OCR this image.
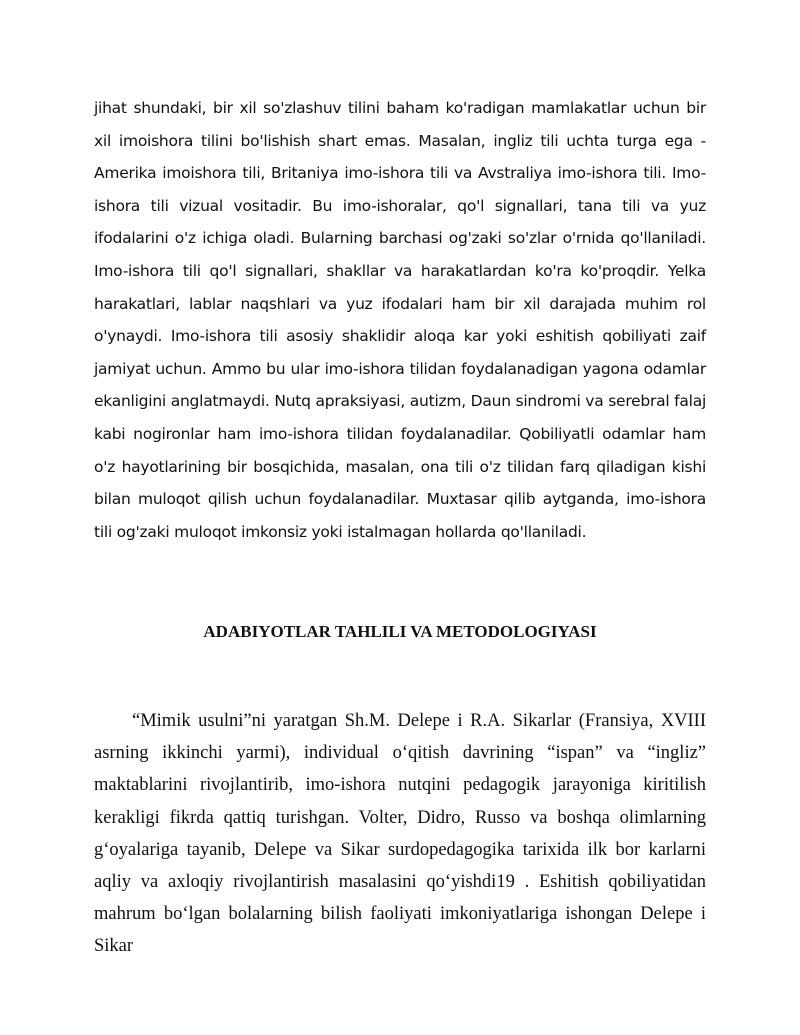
jihat shundaki, bir xil so'zlashuv tilini baham ko'radigan mamlakatlar uchun bir xil imoishora tilini bo'lishish shart emas. Masalan, ingliz tili uchta turga ega - Amerika imoishora tili, Britaniya imo-ishora tili va Avstraliya imo-ishora tili. Imo-ishora tili vizual vositadir. Bu imo-ishoralar, qo'l signallari, tana tili va yuz ifodalarini o'z ichiga oladi. Bularning barchasi og'zaki so'zlar o'rnida qo'llaniladi. Imo-ishora tili qo'l signallari, shakllar va harakatlardan ko'ra ko'proqdir. Yelka harakatlari, lablar naqshlari va yuz ifodalari ham bir xil darajada muhim rol o'ynaydi. Imo-ishora tili asosiy shaklidir aloqa kar yoki eshitish qobiliyati zaif jamiyat uchun. Ammo bu ular imo-ishora tilidan foydalanadigan yagona odamlar ekanligini anglatmaydi. Nutq apraksiyasi, autizm, Daun sindromi va serebral falaj kabi nogironlar ham imo-ishora tilidan foydalanadilar. Qobiliyatli odamlar ham o'z hayotlarining bir bosqichida, masalan, ona tili o'z tilidan farq qiladigan kishi bilan muloqot qilish uchun foydalanadilar. Muxtasar qilib aytganda, imo-ishora tili og'zaki muloqot imkonsiz yoki istalmagan hollarda qo'llaniladi.

ADABIYOTLAR TAHLILI VA METODOLOGIYASI

“Mimik usulni”ni yaratgan Sh.M. Delepe i R.A. Sikarlar (Fransiya, XVIII asrning ikkinchi yarmi), individual o‘qitish davrining “ispan” va “ingliz” maktablarini rivojlantirib, imo-ishora nutqini pedagogik jarayoniga kiritilish kerakligi fikrda qattiq turishgan. Volter, Didro, Russo va boshqa olimlarning g‘oyalariga tayanib, Delepe va Sikar surdopedagogika tarixida ilk bor karlarni aqliy va axloqiy rivojlantirish masalasini qo‘yishdi19 . Eshitish qobiliyatidan mahrum bo‘lgan bolalarning bilish faoliyati imkoniyatlariga ishongan Delepe i Sikar
